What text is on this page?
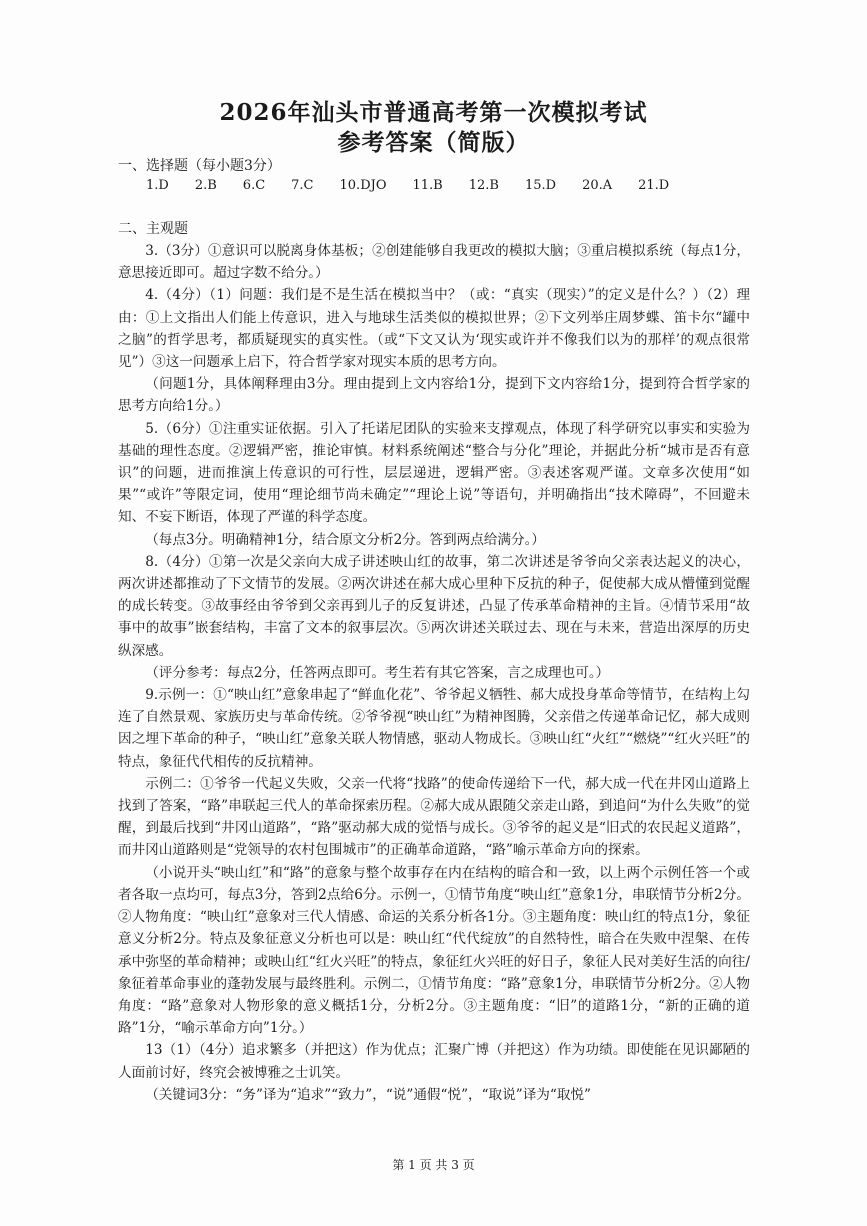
2026年汕头市普通高考第一次模拟考试
参考答案（简版）
一、选择题（每小题3分）
1.D 2.B 6.C 7.C 10.DJO 11.B 12.B 15.D 20.A 21.D
二、主观题

3.（3分）①意识可以脱离身体基板；②创建能够自我更改的模拟大脑；③重启模拟系统（每点1分，意思接近即可。超过字数不给分。）

4.（4分）（1）问题：我们是不是生活在模拟当中？（或：“真实（现实）”的定义是什么？）（2）理由：①上文指出人们能上传意识，进入与地球生活类似的模拟世界；②下文列举庄周梦蝶、笛卡尔“罐中之脑”的哲学思考，都质疑现实的真实性。（或“下文又认为‘现实或许并不像我们以为的那样’的观点很常见”）③这一问题承上启下，符合哲学家对现实本质的思考方向。

（问题1分，具体阐释理由3分。理由提到上文内容给1分，提到下文内容给1分，提到符合哲学家的思考方向给1分。）

5.（6分）①注重实证依据。引入了托诺尼团队的实验来支撑观点，体现了科学研究以事实和实验为基础的理性态度。②逻辑严密，推论审慎。材料系统阐述“整合与分化”理论，并据此分析“城市是否有意识”的问题，进而推演上传意识的可行性，层层递进，逻辑严密。③表述客观严谨。文章多次使用“如果”“或许”等限定词，使用“理论细节尚未确定”“理论上说”等语句，并明确指出“技术障碍”，不回避未知、不妄下断语，体现了严谨的科学态度。

（每点3分。明确精神1分，结合原文分析2分。答到两点给满分。）

8.（4分）①第一次是父亲向大成子讲述映山红的故事，第二次讲述是爷爷向父亲表达起义的决心，两次讲述都推动了下文情节的发展。②两次讲述在郝大成心里种下反抗的种子，促使郝大成从懵懂到觉醒的成长转变。③故事经由爷爷到父亲再到儿子的反复讲述，凸显了传承革命精神的主旨。④情节采用“故事中的故事”嵌套结构，丰富了文本的叙事层次。⑤两次讲述关联过去、现在与未来，营造出深厚的历史纵深感。

（评分参考：每点2分，任答两点即可。考生若有其它答案，言之成理也可。）

9.示例一：①“映山红”意象串起了“鲜血化花”、爷爷起义牺牲、郝大成投身革命等情节，在结构上勾连了自然景观、家族历史与革命传统。②爷爷视“映山红”为精神图腾，父亲借之传递革命记忆，郝大成则因之埋下革命的种子，“映山红”意象关联人物情感，驱动人物成长。③映山红“火红”“燃烧”“红火兴旺”的特点，象征代代相传的反抗精神。

示例二：①爷爷一代起义失败，父亲一代将“找路”的使命传递给下一代，郝大成一代在井冈山道路上找到了答案，“路”串联起三代人的革命探索历程。②郝大成从跟随父亲走山路，到追问“为什么失败”的觉醒，到最后找到“井冈山道路”，“路”驱动郝大成的觉悟与成长。③爷爷的起义是“旧式的农民起义道路”，而井冈山道路则是“党领导的农村包围城市”的正确革命道路，“路”喻示革命方向的探索。

（小说开头“映山红”和“路”的意象与整个故事存在内在结构的暗合和一致，以上两个示例任答一个或者各取一点均可，每点3分，答到2点给6分。示例一，①情节角度“映山红”意象1分，串联情节分析2分。②人物角度：“映山红”意象对三代人情感、命运的关系分析各1分。③主题角度：映山红的特点1分，象征意义分析2分。特点及象征意义分析也可以是：映山红“代代绽放”的自然特性，暗合在失败中涅槃、在传承中弥坚的革命精神；或映山红“红火兴旺”的特点，象征红火兴旺的好日子，象征人民对美好生活的向往/象征着革命事业的蓬勃发展与最终胜利。示例二，①情节角度：“路”意象1分，串联情节分析2分。②人物角度：“路”意象对人物形象的意义概括1分，分析2分。③主题角度：“旧”的道路1分，“新的正确的道路”1分，“喻示革命方向”1分。）

13（1）（4分）追求繁多（并把这）作为优点；汇聚广博（并把这）作为功绩。即使能在见识鄙陋的人面前讨好，终究会被博雅之士讥笑。

（关键词3分：“务”译为“追求”“致力”，“说”通假“悦”，“取说”译为“取悦”

第 1 页 共 3 页
